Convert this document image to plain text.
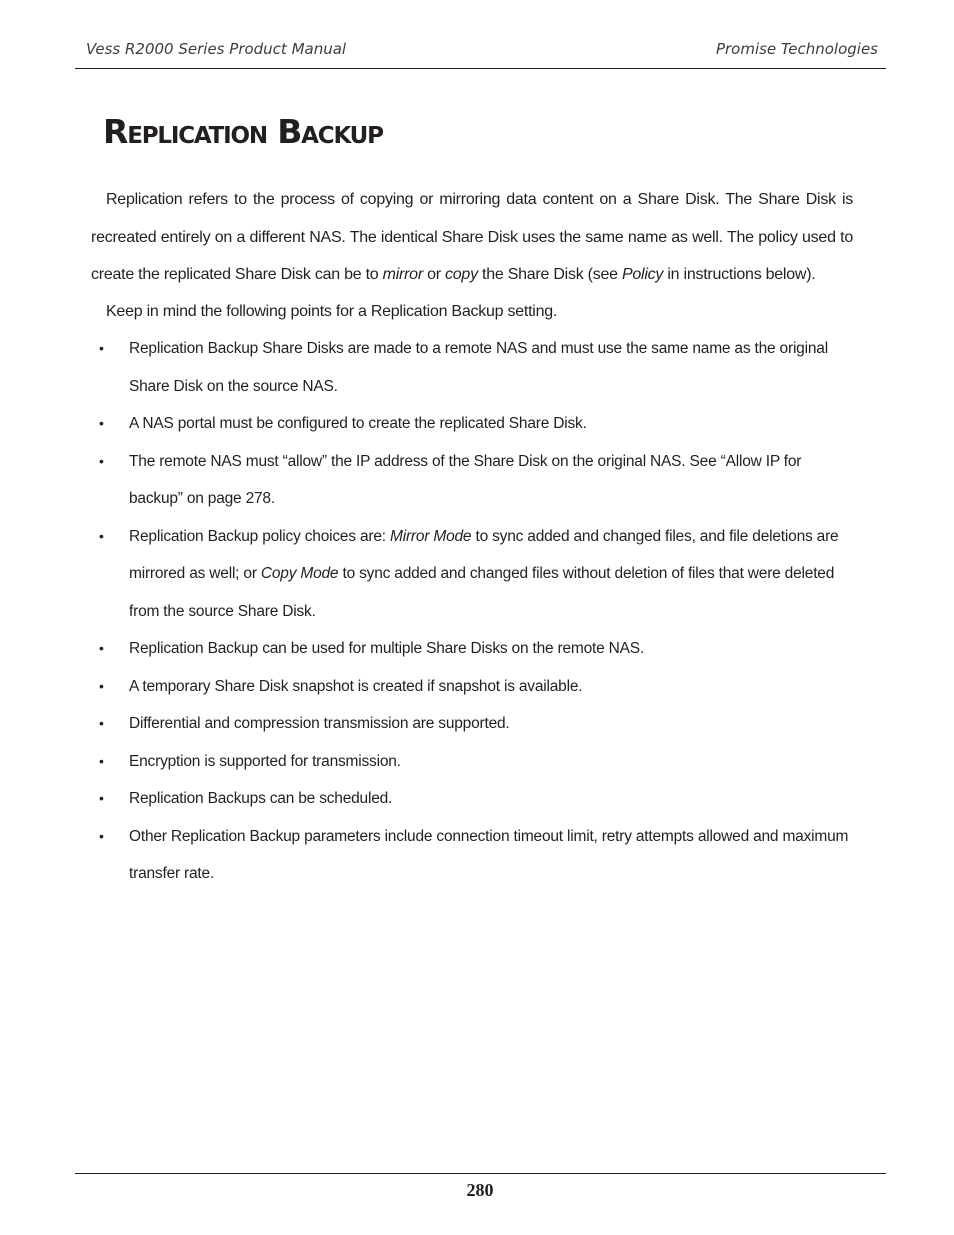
Vess R2000 Series Product Manual	Promise Technologies
Replication Backup

Replication refers to the process of copying or mirroring data content on a Share Disk. The Share Disk is recreated entirely on a different NAS. The identical Share Disk uses the same name as well. The policy used to create the replicated Share Disk can be to mirror or copy the Share Disk (see Policy in instructions below).

Keep in mind the following points for a Replication Backup setting.

• Replication Backup Share Disks are made to a remote NAS and must use the same name as the original Share Disk on the source NAS.
• A NAS portal must be configured to create the replicated Share Disk.
• The remote NAS must “allow” the IP address of the Share Disk on the original NAS. See “Allow IP for backup” on page 278.
• Replication Backup policy choices are: Mirror Mode to sync added and changed files, and file deletions are mirrored as well; or Copy Mode to sync added and changed files without deletion of files that were deleted from the source Share Disk.
• Replication Backup can be used for multiple Share Disks on the remote NAS.
• A temporary Share Disk snapshot is created if snapshot is available.
• Differential and compression transmission are supported.
• Encryption is supported for transmission.
• Replication Backups can be scheduled.
• Other Replication Backup parameters include connection timeout limit, retry attempts allowed and maximum transfer rate.
280
